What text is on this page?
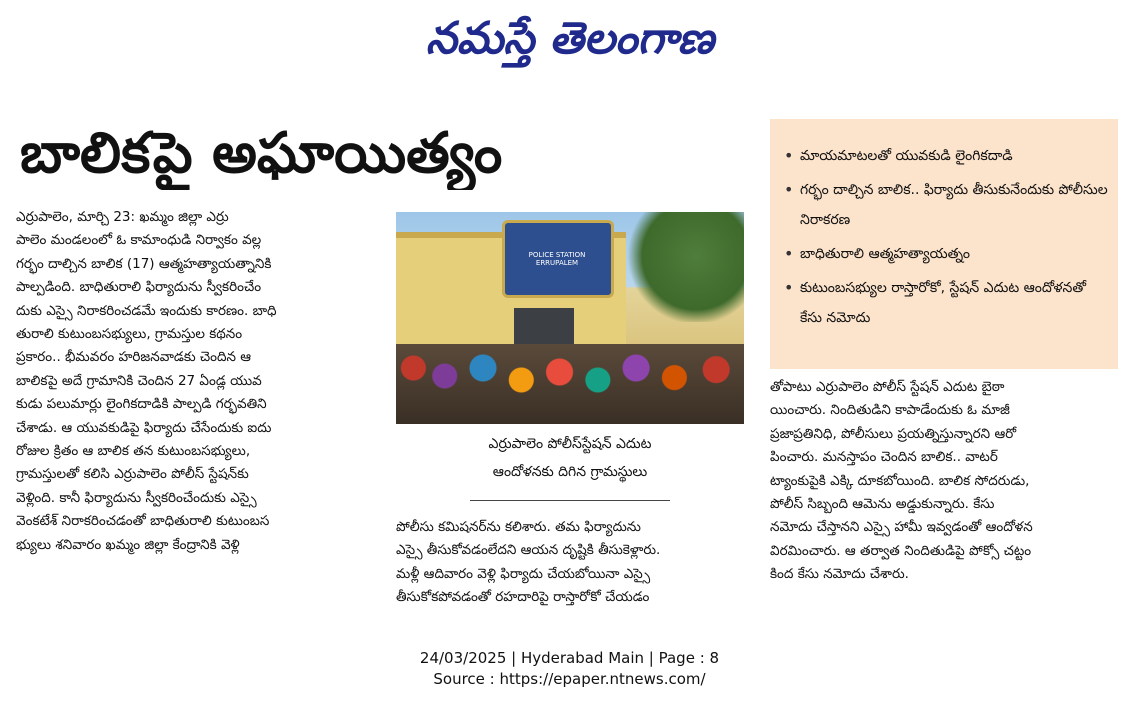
నమస్తే తెలంగాణ
బాలికపై అఘాయిత్యం	• మాయమాటలతో యువకుడి లైంగికదాడి
• గర్భం దాల్చిన బాలిక.. ఫిర్యాదు తీసుకునేందుకు పోలీసుల నిరాకరణ
• బాధితురాలి ఆత్మహత్యాయత్నం
• కుటుంబసభ్యుల రాస్తారోకో, స్టేషన్ ఎదుట ఆందోళనతో కేసు నమోదు
ఎర్రుపాలెం, మార్చి 23: ఖమ్మం జిల్లా ఎర్రు
పాలెం మండలంలో ఓ కామాంధుడి నిర్వాకం వల్ల
గర్భం దాల్చిన బాలిక (17) ఆత్మహత్యాయత్నానికి
పాల్పడింది. బాధితురాలి ఫిర్యాదును స్వీకరించేం
దుకు ఎస్సై నిరాకరించడమే ఇందుకు కారణం. బాధి
తురాలి కుటుంబసభ్యులు, గ్రామస్తుల కథనం
ప్రకారం.. భీమవరం హరిజనవాడకు చెందిన ఆ
బాలికపై అదే గ్రామానికి చెందిన 27 ఏండ్ల యువ
కుడు పలుమార్లు లైంగికదాడికి పాల్పడి గర్భవతిని
చేశాడు. ఆ యువకుడిపై ఫిర్యాదు చేసేందుకు ఐదు
రోజుల క్రితం ఆ బాలిక తన కుటుంబసభ్యులు,
గ్రామస్తులతో కలిసి ఎర్రుపాలెం పోలీస్ స్టేషన్‌కు
వెళ్లింది. కానీ ఫిర్యాదును స్వీకరించేందుకు ఎస్సై
వెంకటేశ్ నిరాకరించడంతో బాధితురాలి కుటుంబస
భ్యులు శనివారం ఖమ్మం జిల్లా కేంద్రానికి వెళ్లి
POLICE STATION ERRUPALEM
ఎర్రుపాలెం పోలీస్‌స్టేషన్ ఎదుట
ఆందోళనకు దిగిన గ్రామస్థులు
పోలీసు కమిషనర్‌ను కలిశారు. తమ ఫిర్యాదును
ఎస్సై తీసుకోవడంలేదని ఆయన దృష్టికి తీసుకెళ్లారు.
మళ్లీ ఆదివారం వెళ్లి ఫిర్యాదు చేయబోయినా ఎస్సై
తీసుకోకపోవడంతో రహదారిపై రాస్తారోకో చేయడం
తోపాటు ఎర్రుపాలెం పోలీస్ స్టేషన్ ఎదుట బైఠా
యించారు. నిందితుడిని కాపాడేందుకు ఓ మాజీ
ప్రజాప్రతినిధి, పోలీసులు ప్రయత్నిస్తున్నారని ఆరో
పించారు. మనస్తాపం చెందిన బాలిక.. వాటర్
ట్యాంకుపైకి ఎక్కి దూకబోయింది. బాలిక సోదరుడు,
పోలీస్ సిబ్బంది ఆమెను అడ్డుకున్నారు. కేసు
నమోదు చేస్తానని ఎస్సై హామీ ఇవ్వడంతో ఆందోళన
విరమించారు. ఆ తర్వాత నిందితుడిపై పోక్సో చట్టం
కింద కేసు నమోదు చేశారు.
24/03/2025 | Hyderabad Main | Page : 8
Source : https://epaper.ntnews.com/
